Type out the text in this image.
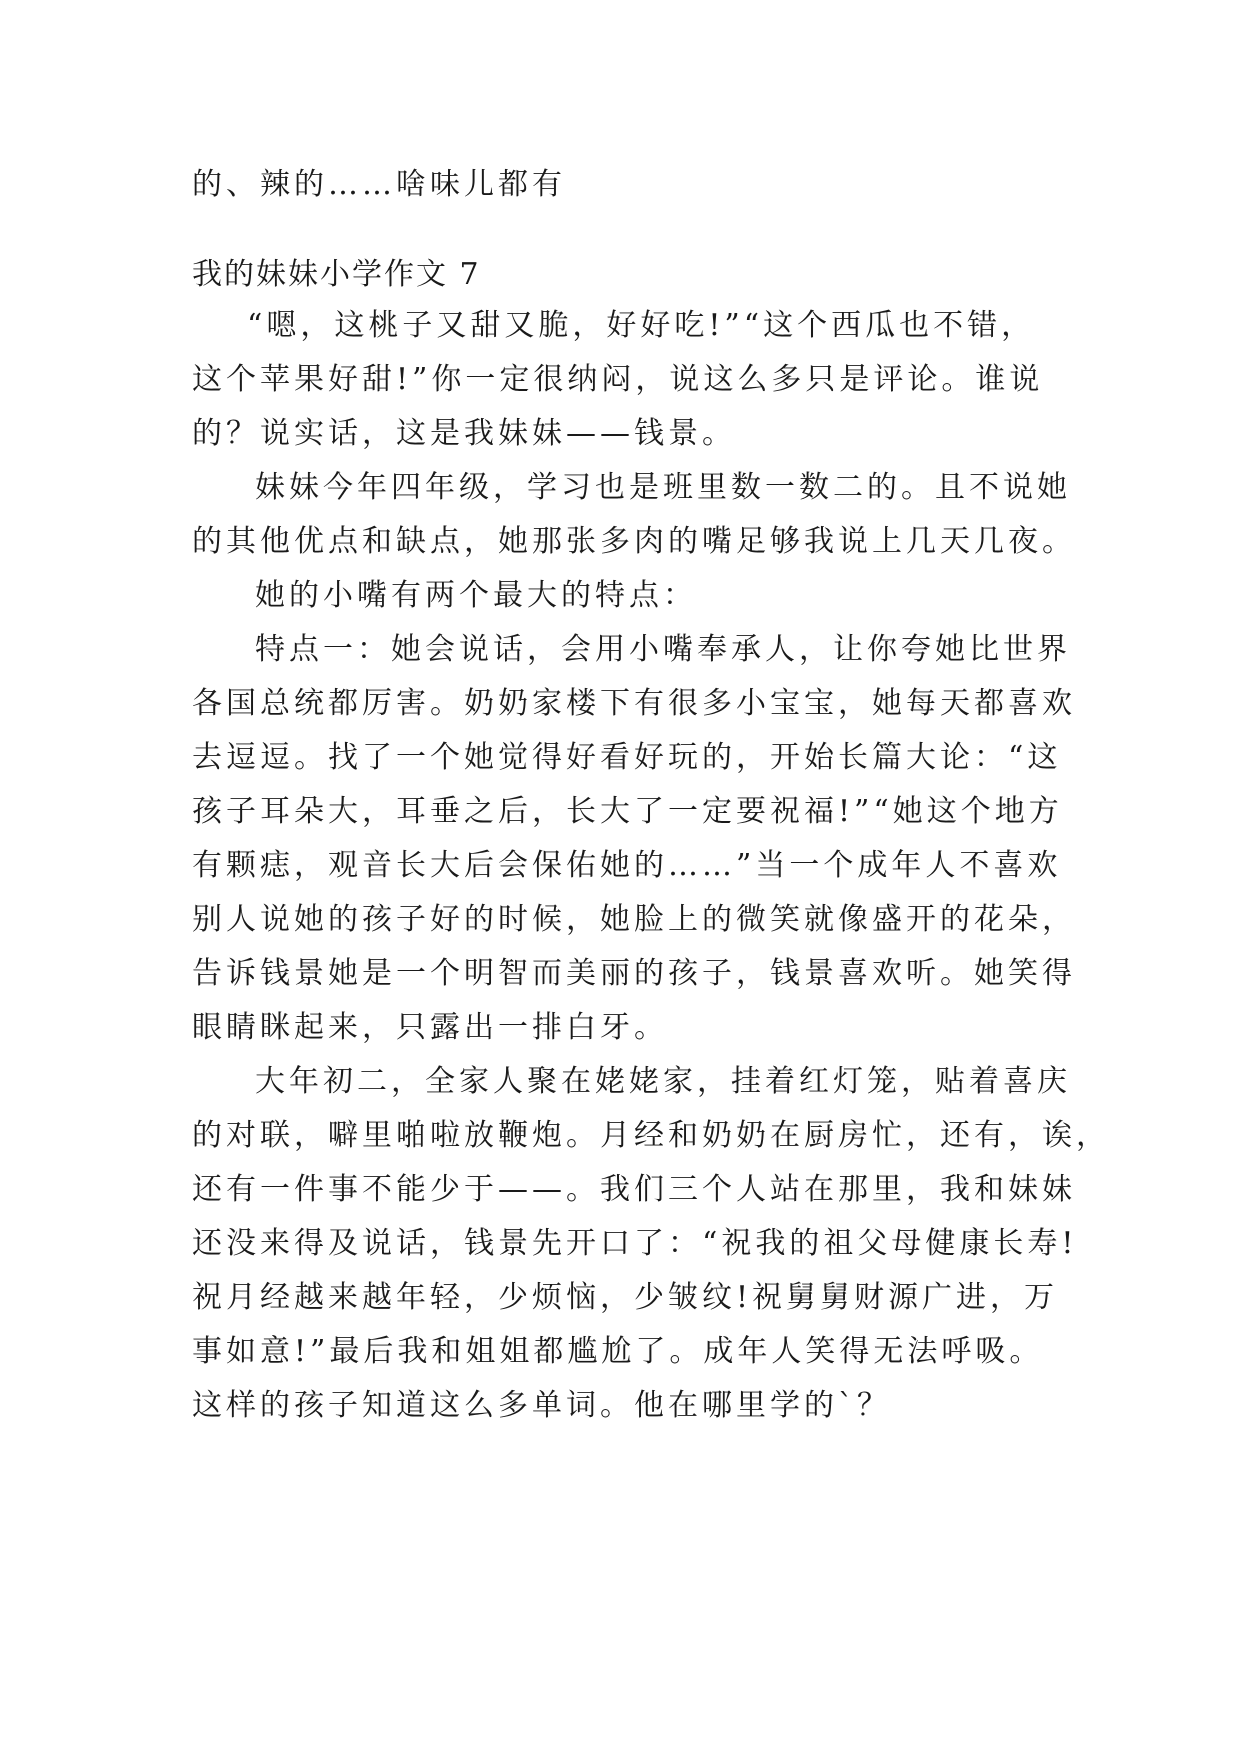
的、辣的……啥味儿都有
我的妹妹小学作文 7
“嗯，这桃子又甜又脆，好好吃!”“这个西瓜也不错，
这个苹果好甜!”你一定很纳闷，说这么多只是评论。谁说
的？说实话，这是我妹妹——钱景。
妹妹今年四年级，学习也是班里数一数二的。且不说她
的其他优点和缺点，她那张多肉的嘴足够我说上几天几夜。
她的小嘴有两个最大的特点：
特点一：她会说话，会用小嘴奉承人，让你夸她比世界
各国总统都厉害。奶奶家楼下有很多小宝宝，她每天都喜欢
去逗逗。找了一个她觉得好看好玩的，开始长篇大论：“这
孩子耳朵大，耳垂之后，长大了一定要祝福!”“她这个地方
有颗痣，观音长大后会保佑她的……”当一个成年人不喜欢
别人说她的孩子好的时候，她脸上的微笑就像盛开的花朵，
告诉钱景她是一个明智而美丽的孩子，钱景喜欢听。她笑得
眼睛眯起来，只露出一排白牙。
大年初二，全家人聚在姥姥家，挂着红灯笼，贴着喜庆
的对联，噼里啪啦放鞭炮。月经和奶奶在厨房忙，还有，诶，
还有一件事不能少于——。我们三个人站在那里，我和妹妹
还没来得及说话，钱景先开口了：“祝我的祖父母健康长寿!
祝月经越来越年轻，少烦恼，少皱纹!祝舅舅财源广进，万
事如意!”最后我和姐姐都尴尬了。成年人笑得无法呼吸。
这样的孩子知道这么多单词。他在哪里学的`？
